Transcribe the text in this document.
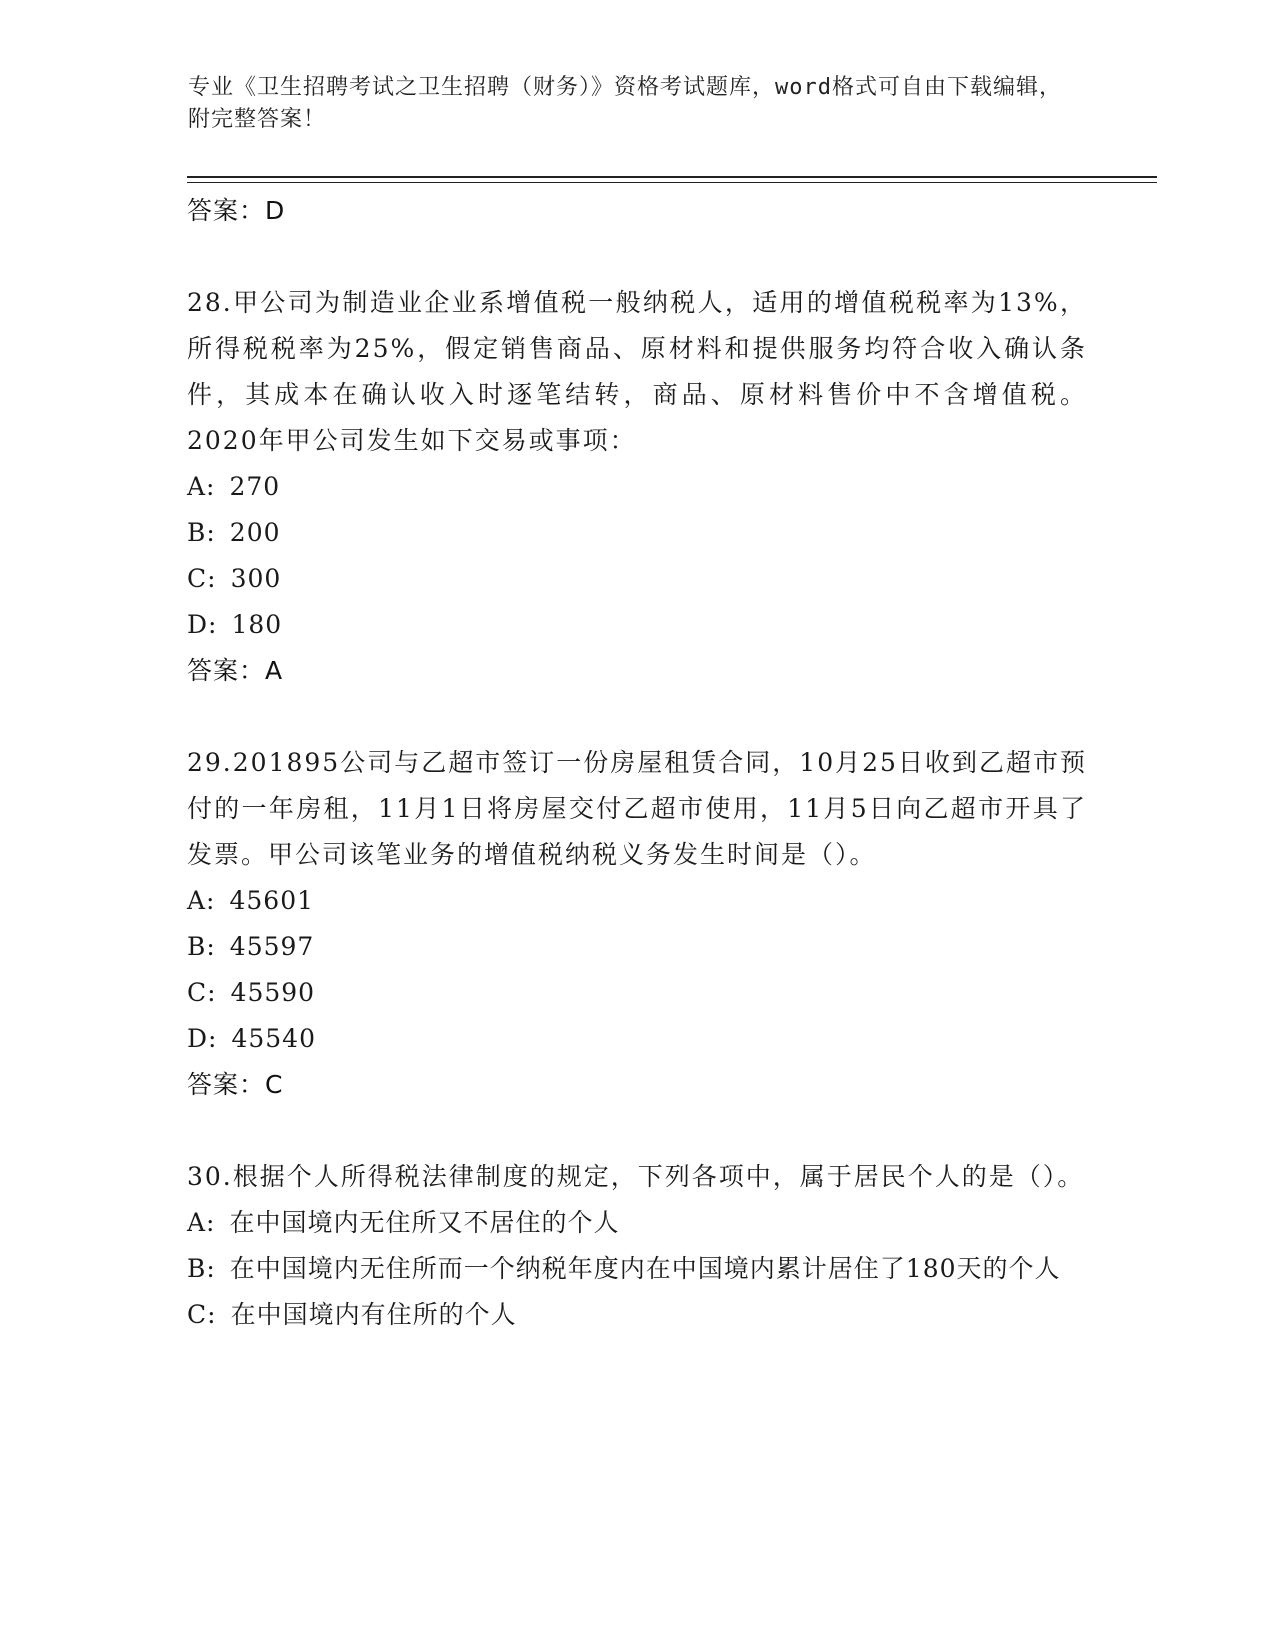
专业《卫生招聘考试之卫生招聘（财务）》资格考试题库，word格式可自由下载编辑，附完整答案！
答案：D
28.甲公司为制造业企业系增值税一般纳税人，适用的增值税税率为13%，所得税税率为25%，假定销售商品、原材料和提供服务均符合收入确认条件，其成本在确认收入时逐笔结转，商品、原材料售价中不含增值税。2020年甲公司发生如下交易或事项：
A: 270
B: 200
C: 300
D: 180
答案：A
29.201895公司与乙超市签订一份房屋租赁合同，10月25日收到乙超市预付的一年房租，11月1日将房屋交付乙超市使用，11月5日向乙超市开具了发票。甲公司该笔业务的增值税纳税义务发生时间是（）。
A: 45601
B: 45597
C: 45590
D: 45540
答案：C
30.根据个人所得税法律制度的规定，下列各项中，属于居民个人的是（）。
A: 在中国境内无住所又不居住的个人
B: 在中国境内无住所而一个纳税年度内在中国境内累计居住了180天的个人
C: 在中国境内有住所的个人
